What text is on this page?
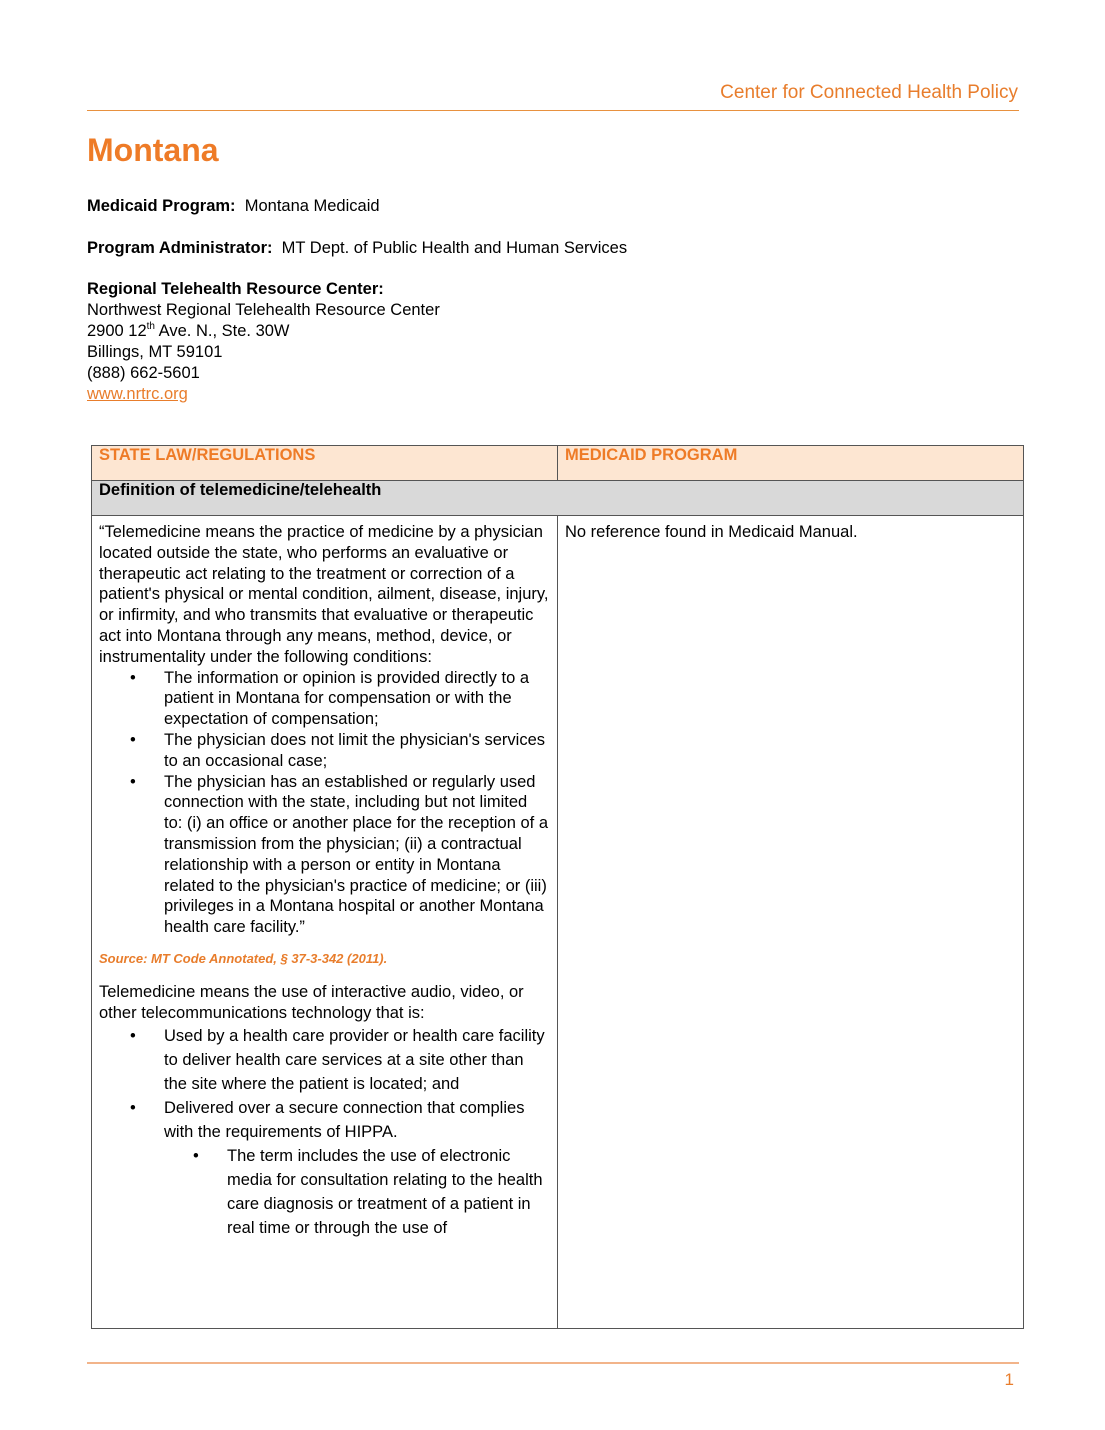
Center for Connected Health Policy
Montana
Medicaid Program: Montana Medicaid
Program Administrator: MT Dept. of Public Health and Human Services
Regional Telehealth Resource Center:
Northwest Regional Telehealth Resource Center
2900 12th Ave. N., Ste. 30W
Billings, MT 59101
(888) 662-5601
www.nrtrc.org
STATE LAW/REGULATIONS	MEDICAID PROGRAM
Definition of telemedicine/telehealth	

“Telemedicine means the practice of medicine by a physician located outside the state, who performs an evaluative or therapeutic act relating to the treatment or correction of a patient's physical or mental condition, ailment, disease, injury, or infirmity, and who transmits that evaluative or therapeutic act into Montana through any means, method, device, or instrumentality under the following conditions:
• The information or opinion is provided directly to a patient in Montana for compensation or with the expectation of compensation;
• The physician does not limit the physician's services to an occasional case;
• The physician has an established or regularly used connection with the state, including but not limited to: (i) an office or another place for the reception of a transmission from the physician; (ii) a contractual relationship with a person or entity in Montana related to the physician's practice of medicine; or (iii) privileges in a Montana hospital or another Montana health care facility.”
Source: MT Code Annotated, § 37-3-342 (2011).
Telemedicine means the use of interactive audio, video, or other telecommunications technology that is:
• Used by a health care provider or health care facility to deliver health care services at a site other than the site where the patient is located; and
• Delivered over a secure connection that complies with the requirements of HIPPA.
• The term includes the use of electronic media for consultation relating to the health care diagnosis or treatment of a patient in real time or through the use of
	No reference found in Medicaid Manual.
1
